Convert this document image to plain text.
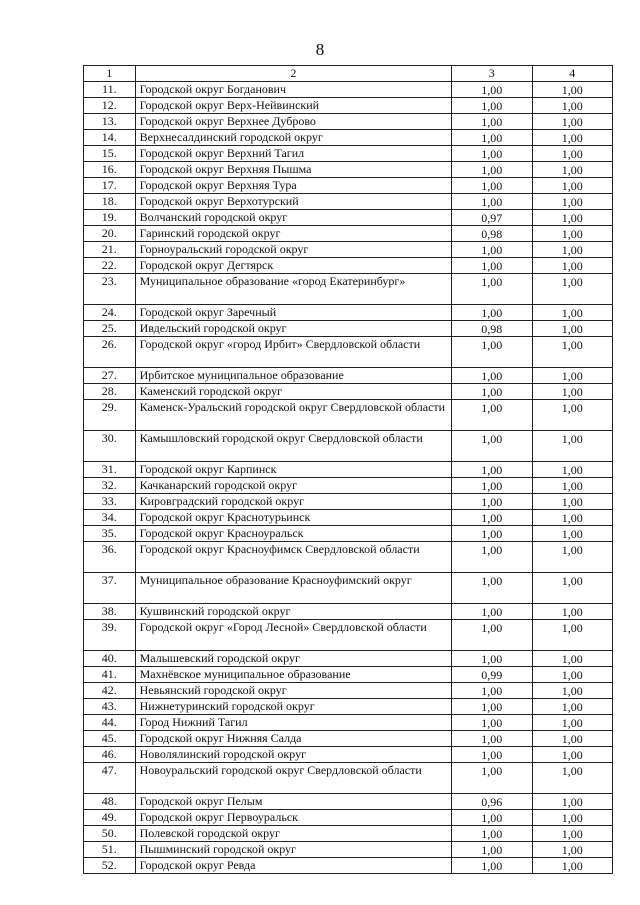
8
1	2	3	4
11.	Городской округ Богданович	1,00	1,00
12.	Городской округ Верх-Нейвинский	1,00	1,00
13.	Городской округ Верхнее Дуброво	1,00	1,00
14.	Верхнесалдинский городской округ	1,00	1,00
15.	Городской округ Верхний Тагил	1,00	1,00
16.	Городской округ Верхняя Пышма	1,00	1,00
17.	Городской округ Верхняя Тура	1,00	1,00
18.	Городской округ Верхотурский	1,00	1,00
19.	Волчанский городской округ	0,97	1,00
20.	Гаринский городской округ	0,98	1,00
21.	Горноуральский городской округ	1,00	1,00
22.	Городской округ Дегтярск	1,00	1,00
23.	Муниципальное образование «город Екатеринбург»	1,00	1,00
24.	Городской округ Заречный	1,00	1,00
25.	Ивдельский городской округ	0,98	1,00
26.	Городской округ «город Ирбит» Свердловской области	1,00	1,00
27.	Ирбитское муниципальное образование	1,00	1,00
28.	Каменский городской округ	1,00	1,00
29.	Каменск-Уральский городской округ Свердловской области	1,00	1,00
30.	Камышловский городской округ Свердловской области	1,00	1,00
31.	Городской округ Карпинск	1,00	1,00
32.	Качканарский городской округ	1,00	1,00
33.	Кировградский городской округ	1,00	1,00
34.	Городской округ Краснотурьинск	1,00	1,00
35.	Городской округ Красноуральск	1,00	1,00
36.	Городской округ Красноуфимск Свердловской области	1,00	1,00
37.	Муниципальное образование Красноуфимский округ	1,00	1,00
38.	Кушвинский городской округ	1,00	1,00
39.	Городской округ «Город Лесной» Свердловской области	1,00	1,00
40.	Малышевский городской округ	1,00	1,00
41.	Махнёвское муниципальное образование	0,99	1,00
42.	Невьянский городской округ	1,00	1,00
43.	Нижнетуринский городской округ	1,00	1,00
44.	Город Нижний Тагил	1,00	1,00
45.	Городской округ Нижняя Салда	1,00	1,00
46.	Новолялинский городской округ	1,00	1,00
47.	Новоуральский городской округ Свердловской области	1,00	1,00
48.	Городской округ Пелым	0,96	1,00
49.	Городской округ Первоуральск	1,00	1,00
50.	Полевской городской округ	1,00	1,00
51.	Пышминский городской округ	1,00	1,00
52.	Городской округ Ревда	1,00	1,00
